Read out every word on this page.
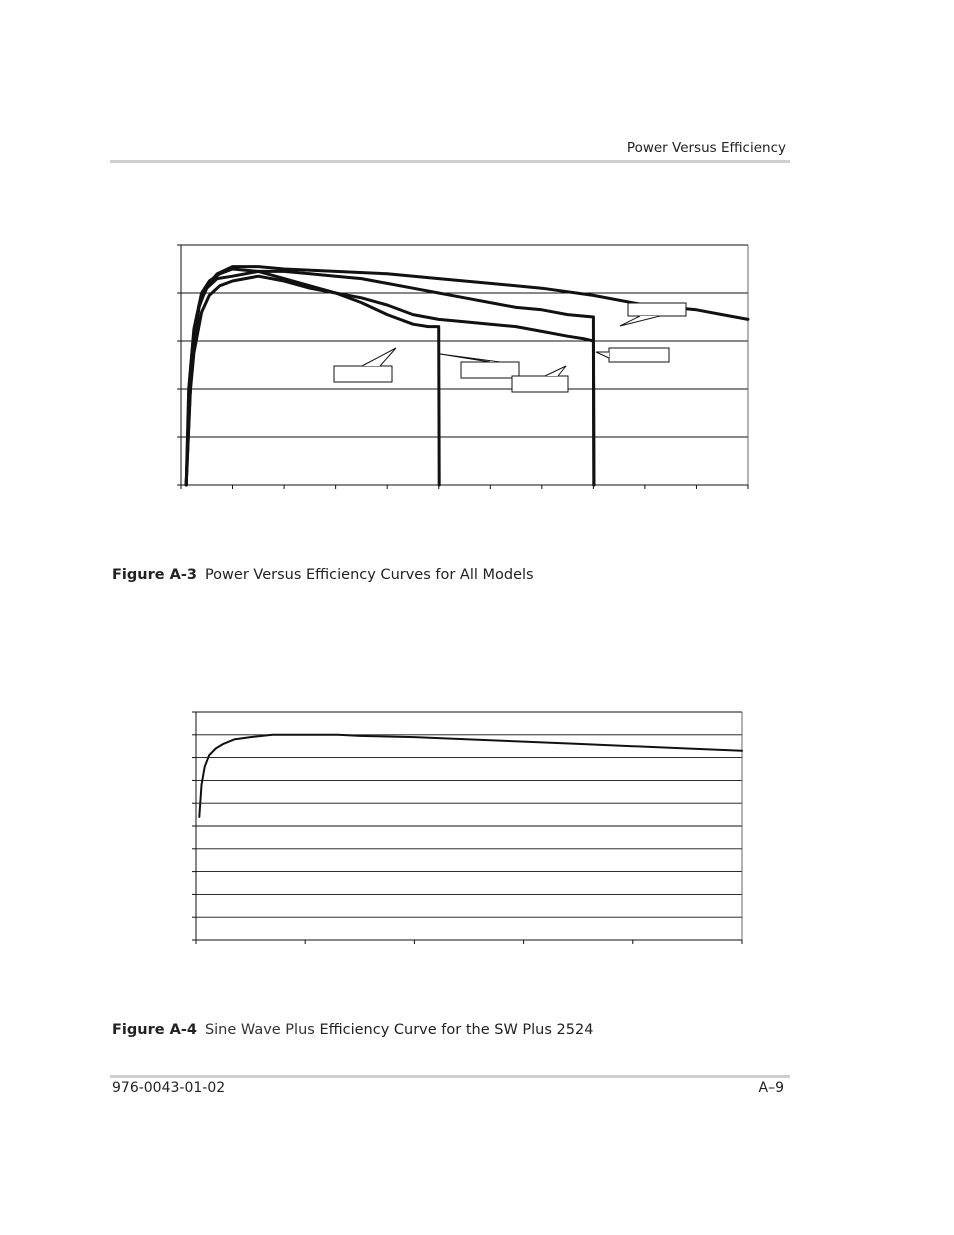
Power Versus Efficiency
Figure A-3 Power Versus Efficiency Curves for All Models
Figure A-4 Sine Wave Plus Efficiency Curve for the SW Plus 2524
976-0043-01-02	A–9
